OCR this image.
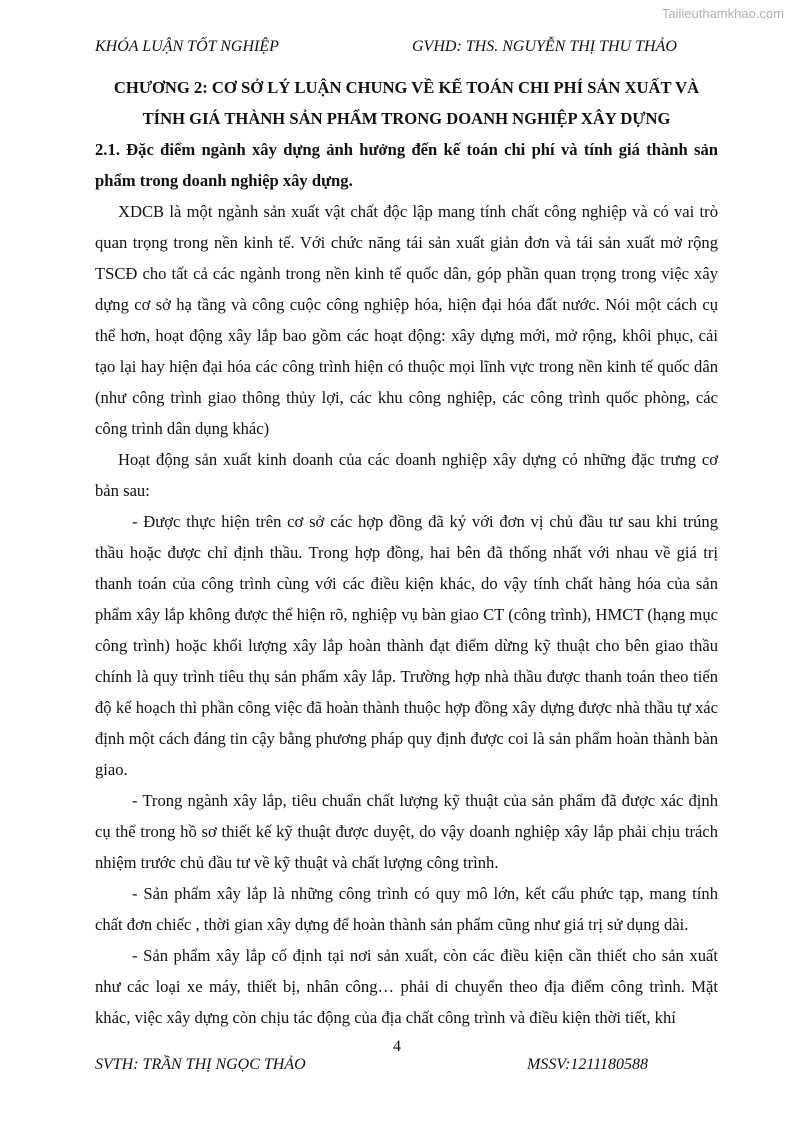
Tailieuthamkhao.com
KHÓA LUẬN TỐT NGHIỆP	GVHD: THS. NGUYỄN THỊ THU THẢO
CHƯƠNG 2: CƠ SỞ LÝ LUẬN CHUNG VỀ KẾ TOÁN CHI PHÍ SẢN XUẤT VÀ TÍNH GIÁ THÀNH SẢN PHẨM TRONG DOANH NGHIỆP XÂY DỰNG
2.1. Đặc điểm ngành xây dựng ảnh hưởng đến kế toán chi phí và tính giá thành sản phẩm trong doanh nghiệp xây dựng.

XDCB là một ngành sản xuất vật chất độc lập mang tính chất công nghiệp và có vai trò quan trọng trong nền kinh tế. Với chức năng tái sản xuất giản đơn và tái sản xuất mở rộng TSCĐ cho tất cả các ngành trong nền kinh tế quốc dân, góp phần quan trọng trong việc xây dựng cơ sở hạ tầng và công cuộc công nghiệp hóa, hiện đại hóa đất nước. Nói một cách cụ thể hơn, hoạt động xây lắp bao gồm các hoạt động: xây dựng mới, mở rộng, khôi phục, cải tạo lại hay hiện đại hóa các công trình hiện có thuộc mọi lĩnh vực trong nền kinh tế quốc dân (như công trình giao thông thủy lợi, các khu công nghiệp, các công trình quốc phòng, các công trình dân dụng khác)

Hoạt động sản xuất kinh doanh của các doanh nghiệp xây dựng có những đặc trưng cơ bản sau:

- Được thực hiện trên cơ sở các hợp đồng đã ký với đơn vị chủ đầu tư sau khi trúng thầu hoặc được chỉ định thầu. Trong hợp đồng, hai bên đã thống nhất với nhau về giá trị thanh toán của công trình cùng với các điều kiện khác, do vậy tính chất hàng hóa của sản phẩm xây lắp không được thể hiện rõ, nghiệp vụ bàn giao CT (công trình), HMCT (hạng mục công trình) hoặc khối lượng xây lắp hoàn thành đạt điểm dừng kỹ thuật cho bên giao thầu chính là quy trình tiêu thụ sản phẩm xây lắp. Trường hợp nhà thầu được thanh toán theo tiến độ kế hoạch thì phần công việc đã hoàn thành thuộc hợp đồng xây dựng được nhà thầu tự xác định một cách đáng tin cậy bằng phương pháp quy định được coi là sản phẩm hoàn thành bàn giao.

- Trong ngành xây lắp, tiêu chuẩn chất lượng kỹ thuật của sản phẩm đã được xác định cụ thể trong hồ sơ thiết kế kỹ thuật được duyệt, do vậy doanh nghiệp xây lắp phải chịu trách nhiệm trước chủ đầu tư về kỹ thuật và chất lượng công trình.

- Sản phẩm xây lắp là những công trình có quy mô lớn, kết cấu phức tạp, mang tính chất đơn chiếc , thời gian xây dựng để hoàn thành sản phẩm cũng như giá trị sử dụng dài.

- Sản phẩm xây lắp cố định tại nơi sản xuất, còn các điều kiện cần thiết cho sản xuất như các loại xe máy, thiết bị, nhân công… phải di chuyển theo địa điểm công trình. Mặt khác, việc xây dựng còn chịu tác động của địa chất công trình và điều kiện thời tiết, khí

4
SVTH: TRẦN THỊ NGỌC THẢO	MSSV:1211180588
